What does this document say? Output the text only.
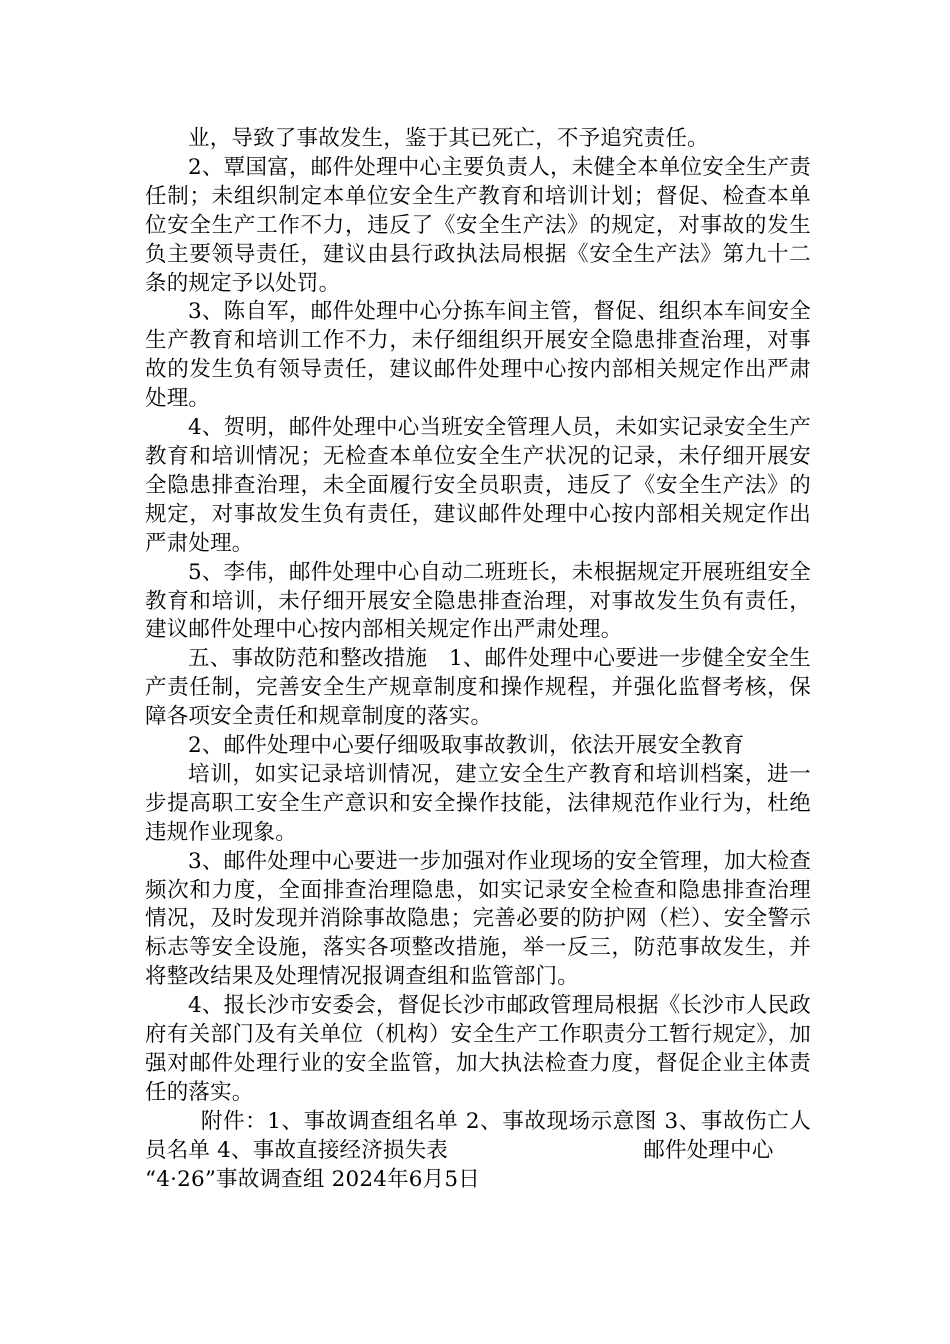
业，导致了事故发生，鉴于其已死亡，不予追究责任。

2、覃国富，邮件处理中心主要负责人，未健全本单位安全生产责任制；未组织制定本单位安全生产教育和培训计划；督促、检查本单位安全生产工作不力，违反了《安全生产法》的规定，对事故的发生负主要领导责任，建议由县行政执法局根据《安全生产法》第九十二条的规定予以处罚。

3、陈自军，邮件处理中心分拣车间主管，督促、组织本车间安全生产教育和培训工作不力，未仔细组织开展安全隐患排查治理，对事故的发生负有领导责任，建议邮件处理中心按内部相关规定作出严肃处理。

4、贺明，邮件处理中心当班安全管理人员，未如实记录安全生产教育和培训情况；无检查本单位安全生产状况的记录，未仔细开展安全隐患排查治理，未全面履行安全员职责，违反了《安全生产法》的规定，对事故发生负有责任，建议邮件处理中心按内部相关规定作出严肃处理。

5、李伟，邮件处理中心自动二班班长，未根据规定开展班组安全教育和培训，未仔细开展安全隐患排查治理，对事故发生负有责任，建议邮件处理中心按内部相关规定作出严肃处理。

五、事故防范和整改措施　1、邮件处理中心要进一步健全安全生产责任制，完善安全生产规章制度和操作规程，并强化监督考核，保障各项安全责任和规章制度的落实。

2、邮件处理中心要仔细吸取事故教训，依法开展安全教育

培训，如实记录培训情况，建立安全生产教育和培训档案，进一步提高职工安全生产意识和安全操作技能，法律规范作业行为，杜绝违规作业现象。

3、邮件处理中心要进一步加强对作业现场的安全管理，加大检查频次和力度，全面排查治理隐患，如实记录安全检查和隐患排查治理情况，及时发现并消除事故隐患；完善必要的防护网（栏）、安全警示标志等安全设施，落实各项整改措施，举一反三，防范事故发生，并将整改结果及处理情况报调查组和监管部门。

4、报长沙市安委会，督促长沙市邮政管理局根据《长沙市人民政府有关部门及有关单位（机构）安全生产工作职责分工暂行规定》，加强对邮件处理行业的安全监管，加大执法检查力度，督促企业主体责任的落实。

附件：1、事故调查组名单 2、事故现场示意图 3、事故伤亡人员名单 4、事故直接经济损失表　　　　　　　　　邮件处理中心

“4·26”事故调查组 2024年6月5日
